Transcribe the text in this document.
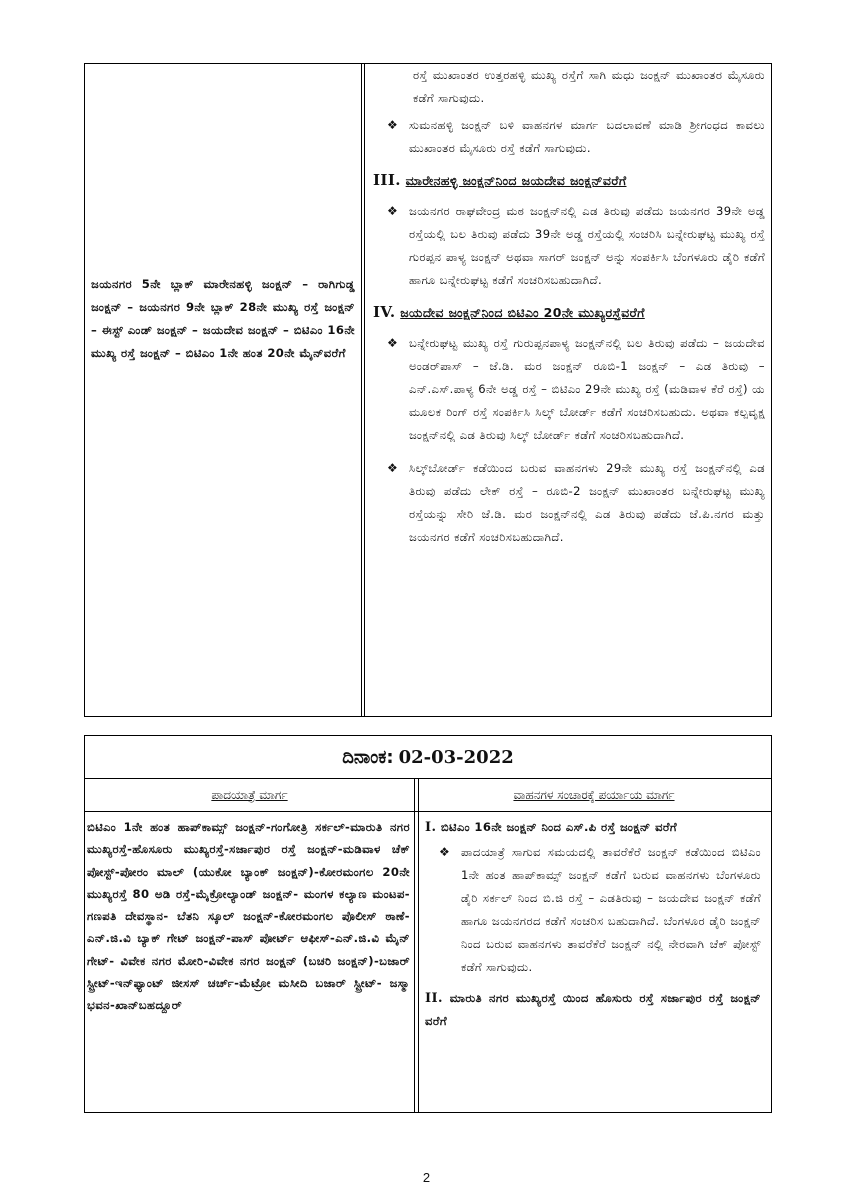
ಜಯನಗರ 5ನೇ ಬ್ಲಾಕ್ ಮಾರೇನಹಳ್ಳಿ ಜಂಕ್ಷನ್ – ರಾಗಿಗುಡ್ಡ ಜಂಕ್ಷನ್ – ಜಯನಗರ 9ನೇ ಬ್ಲಾಕ್ 28ನೇ ಮುಖ್ಯ ರಸ್ತೆ ಜಂಕ್ಷನ್ – ಈಸ್ಟ್ ಎಂಡ್ ಜಂಕ್ಷನ್ – ಜಯದೇವ ಜಂಕ್ಷನ್ – ಬಿಟಿಎಂ 16ನೇ ಮುಖ್ಯ ರಸ್ತೆ ಜಂಕ್ಷನ್ – ಬಿಟಿಎಂ 1ನೇ ಹಂತ 20ನೇ ಮೈನ್‌ವರೆಗೆ
ರಸ್ತೆ ಮುಖಾಂತರ ಉತ್ತರಹಳ್ಳಿ ಮುಖ್ಯ ರಸ್ತೆಗೆ ಸಾಗಿ ಮಧು ಜಂಕ್ಷನ್ ಮುಖಾಂತರ ಮೈಸೂರು ಕಡೆಗೆ ಸಾಗುವುದು.
❖ ಸುಮನಹಳ್ಳಿ ಜಂಕ್ಷನ್ ಬಳಿ ವಾಹನಗಳ ಮಾರ್ಗ ಬದಲಾವಣೆ ಮಾಡಿ ಶ್ರೀಗಂಧದ ಕಾವಲು ಮುಖಾಂತರ ಮೈಸೂರು ರಸ್ತೆ ಕಡೆಗೆ ಸಾಗುವುದು.
III. ಮಾರೇನಹಳ್ಳಿ ಜಂಕ್ಷನ್‌ನಿಂದ ಜಯದೇವ ಜಂಕ್ಷನ್‌ವರೆಗೆ
❖ ಜಯನಗರ ರಾಘವೇಂದ್ರ ಮಠ ಜಂಕ್ಷನ್‌ನಲ್ಲಿ ಎಡ ತಿರುವು ಪಡೆದು ಜಯನಗರ 39ನೇ ಅಡ್ಡ ರಸ್ತೆಯಲ್ಲಿ ಬಲ ತಿರುವು ಪಡೆದು 39ನೇ ಅಡ್ಡ ರಸ್ತೆಯಲ್ಲಿ ಸಂಚರಿಸಿ ಬನ್ನೇರುಘಟ್ಟ ಮುಖ್ಯ ರಸ್ತೆ ಗುರಪ್ಪನ ಪಾಳ್ಯ ಜಂಕ್ಷನ್ ಅಥವಾ ಸಾಗರ್ ಜಂಕ್ಷನ್ ಅನ್ನು ಸಂಪರ್ಕಿಸಿ ಬೆಂಗಳೂರು ಡೈರಿ ಕಡೆಗೆ ಹಾಗೂ ಬನ್ನೇರುಘಟ್ಟ ಕಡೆಗೆ ಸಂಚರಿಸಬಹುದಾಗಿದೆ.
IV. ಜಯದೇವ ಜಂಕ್ಷನ್‌ನಿಂದ ಬಿಟಿಎಂ 20ನೇ ಮುಖ್ಯರಸ್ತೆವರೆಗೆ
❖ ಬನ್ನೇರುಘಟ್ಟ ಮುಖ್ಯ ರಸ್ತೆ ಗುರುಪ್ಪನಪಾಳ್ಯ ಜಂಕ್ಷನ್‌ನಲ್ಲಿ ಬಲ ತಿರುವು ಪಡೆದು – ಜಯದೇವ ಅಂಡರ್‌ಪಾಸ್ – ಜೆ.ಡಿ. ಮರ ಜಂಕ್ಷನ್ ರೂಬಿ-1 ಜಂಕ್ಷನ್ – ಎಡ ತಿರುವು – ಎನ್.ಎಸ್.ಪಾಳ್ಯ 6ನೇ ಅಡ್ಡ ರಸ್ತೆ – ಬಿಟಿಎಂ 29ನೇ ಮುಖ್ಯ ರಸ್ತೆ (ಮಡಿವಾಳ ಕೆರೆ ರಸ್ತೆ) ಯ ಮೂಲಕ ರಿಂಗ್ ರಸ್ತೆ ಸಂಪರ್ಕಿಸಿ ಸಿಲ್ಕ್ ಬೋರ್ಡ್ ಕಡೆಗೆ ಸಂಚರಿಸಬಹುದು. ಅಥವಾ ಕಲ್ಪವೃಕ್ಷ ಜಂಕ್ಷನ್‌ನಲ್ಲಿ ಎಡ ತಿರುವು ಸಿಲ್ಕ್ ಬೋರ್ಡ್ ಕಡೆಗೆ ಸಂಚರಿಸಬಹುದಾಗಿದೆ.
❖ ಸಿಲ್ಕ್‌ಬೋರ್ಡ್ ಕಡೆಯಿಂದ ಬರುವ ವಾಹನಗಳು 29ನೇ ಮುಖ್ಯ ರಸ್ತೆ ಜಂಕ್ಷನ್‌ನಲ್ಲಿ ಎಡ ತಿರುವು ಪಡೆದು ಲೇಕ್ ರಸ್ತೆ – ರೂಬಿ-2 ಜಂಕ್ಷನ್ ಮುಖಾಂತರ ಬನ್ನೇರುಘಟ್ಟ ಮುಖ್ಯ ರಸ್ತೆಯನ್ನು ಸೇರಿ ಜೆ.ಡಿ. ಮರ ಜಂಕ್ಷನ್‌ನಲ್ಲಿ ಎಡ ತಿರುವು ಪಡೆದು ಜೆ.ಪಿ.ನಗರ ಮತ್ತು ಜಯನಗರ ಕಡೆಗೆ ಸಂಚರಿಸಬಹುದಾಗಿದೆ.
ದಿನಾಂಕ:
02-03-2022
ಪಾದಯಾತ್ರೆ ಮಾರ್ಗ	ವಾಹನಗಳ ಸಂಚಾರಕ್ಕೆ ಪರ್ಯಾಯ ಮಾರ್ಗ
ಬಿಟಿಎಂ 1ನೇ ಹಂತ ಹಾಪ್‌ಕಾಮ್ಸ್ ಜಂಕ್ಷನ್-ಗಂಗೋತ್ರಿ ಸರ್ಕಲ್-ಮಾರುತಿ ನಗರ ಮುಖ್ಯರಸ್ತೆ-ಹೊಸೂರು ಮುಖ್ಯರಸ್ತೆ-ಸರ್ಜಾಪುರ ರಸ್ತೆ ಜಂಕ್ಷನ್-ಮಡಿವಾಳ ಚೆಕ್ ಪೋಸ್ಟ್-ಪೋರಂ ಮಾಲ್ (ಯುಕೋ ಬ್ಯಾಂಕ್ ಜಂಕ್ಷನ್)-ಕೋರಮಂಗಲ 20ನೇ ಮುಖ್ಯರಸ್ತೆ 80 ಅಡಿ ರಸ್ತೆ-ಮೈಕ್ರೋಲ್ಯಾಂಡ್ ಜಂಕ್ಷನ್- ಮಂಗಳ ಕಲ್ಯಾಣ ಮಂಟಪ-ಗಣಪತಿ ದೇವಸ್ಥಾನ- ಬೆತನಿ ಸ್ಕೂಲ್ ಜಂಕ್ಷನ್-ಕೋರಮಂಗಲ ಪೊಲೀಸ್ ಠಾಣೆ-ಎನ್.ಜಿ.ವಿ ಬ್ಯಾಕ್ ಗೇಟ್ ಜಂಕ್ಷನ್-ಪಾಸ್ ಪೋರ್ಟ್ ಆಫೀಸ್-ಎನ್.ಜಿ.ವಿ ಮೈನ್ ಗೇಟ್- ವಿವೇಕ ನಗರ ಮೋರಿ-ವಿವೇಕ ನಗರ ಜಂಕ್ಷನ್ (ಬಚರಿ ಜಂಕ್ಷನ್)-ಬಜಾರ್ ಸ್ಟ್ರೀಟ್-ಇನ್‌ಫ್ಯಾಂಟ್ ಜೀಸಸ್ ಚರ್ಚ್-ಮೆಟ್ರೋ ಮಸೀದಿ ಬಜಾರ್ ಸ್ಟ್ರೀಟ್- ಜಸ್ಮಾ ಭವನ-ಖಾನ್‌ಬಹದ್ದೂರ್
I. ಬಿಟಿಎಂ 16ನೇ ಜಂಕ್ಷನ್ ನಿಂದ ಎಸ್.ಪಿ ರಸ್ತೆ ಜಂಕ್ಷನ್ ವರೆಗೆ
❖ ಪಾದಯಾತ್ರೆ ಸಾಗುವ ಸಮಯದಲ್ಲಿ ತಾವರೆಕೆರೆ ಜಂಕ್ಷನ್ ಕಡೆಯಿಂದ ಬಿಟಿಎಂ 1ನೇ ಹಂತ ಹಾಪ್‌ಕಾಮ್ಸ್ ಜಂಕ್ಷನ್ ಕಡೆಗೆ ಬರುವ ವಾಹನಗಳು ಬೆಂಗಳೂರು ಡೈರಿ ಸರ್ಕಲ್ ನಿಂದ ಬಿ.ಜಿ ರಸ್ತೆ – ಎಡತಿರುವು – ಜಯದೇವ ಜಂಕ್ಷನ್ ಕಡೆಗೆ ಹಾಗೂ ಜಯನಗರದ ಕಡೆಗೆ ಸಂಚರಿಸ ಬಹುದಾಗಿದೆ. ಬೆಂಗಳೂರ ಡೈರಿ ಜಂಕ್ಷನ್ ನಿಂದ ಬರುವ ವಾಹನಗಳು ತಾವರೆಕೆರೆ ಜಂಕ್ಷನ್ ನಲ್ಲಿ ನೇರವಾಗಿ ಚೆಕ್ ಪೋಸ್ಟ್ ಕಡೆಗೆ ಸಾಗುವುದು.
II. ಮಾರುತಿ ನಗರ ಮುಖ್ಯರಸ್ತೆ ಯಿಂದ ಹೊಸುರು ರಸ್ತೆ ಸರ್ಜಾಪುರ ರಸ್ತೆ ಜಂಕ್ಷನ್ ವರೆಗೆ
2
